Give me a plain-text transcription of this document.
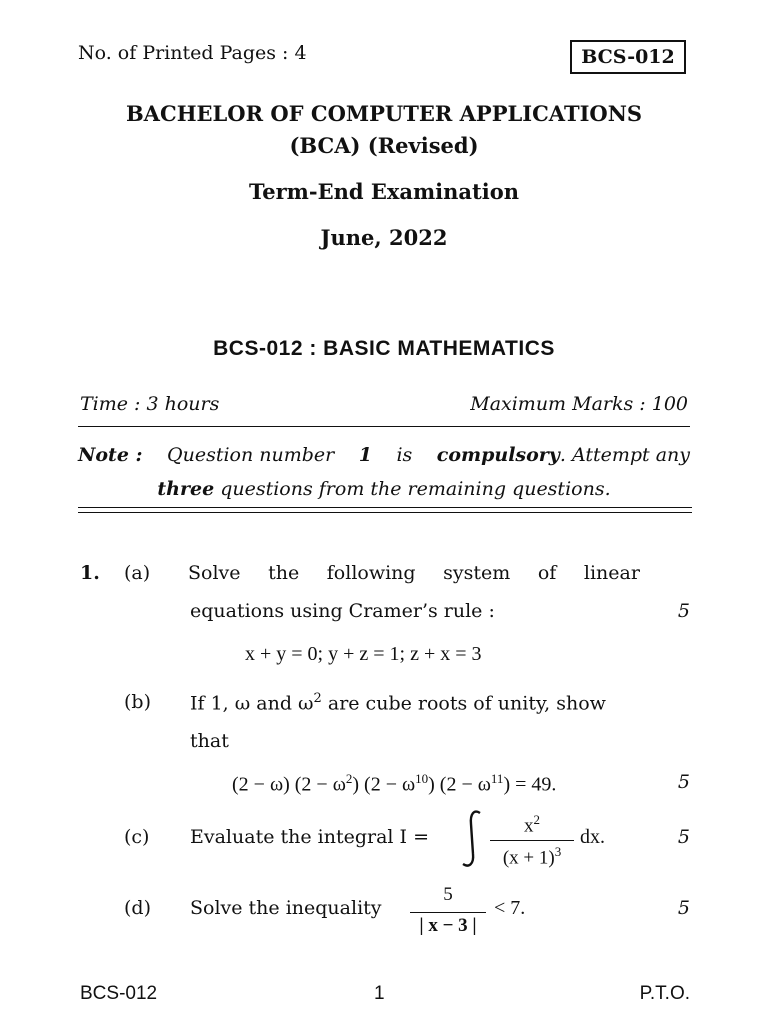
No. of Printed Pages : 4	BCS-012
BACHELOR OF COMPUTER APPLICATIONS
(BCA) (Revised)
Term-End Examination
June, 2022
BCS-012 : BASIC MATHEMATICS
Time : 3 hours	Maximum Marks : 100
Note : Question number 1 is compulsory . Attempt any
three questions from the remaining questions.
1. (a) Solve the following system of linear
equations using Cramer’s rule :	5
x + y = 0; y + z = 1; z + x = 3
(b) If 1, ω and $\omega^2$ are cube roots of unity, show
that
(2 − ω) $(2 - \omega^2)$ $(2 - \omega^{10})$ $(2 - \omega^{11}) = 49$.	5
(c) Evaluate the integral I =
$x^2$
$(x + 1)^3$
dx.	5
(d) Solve the inequality
5
| x − 3 |
< 7.	5
BCS-012	1	P.T.O.
